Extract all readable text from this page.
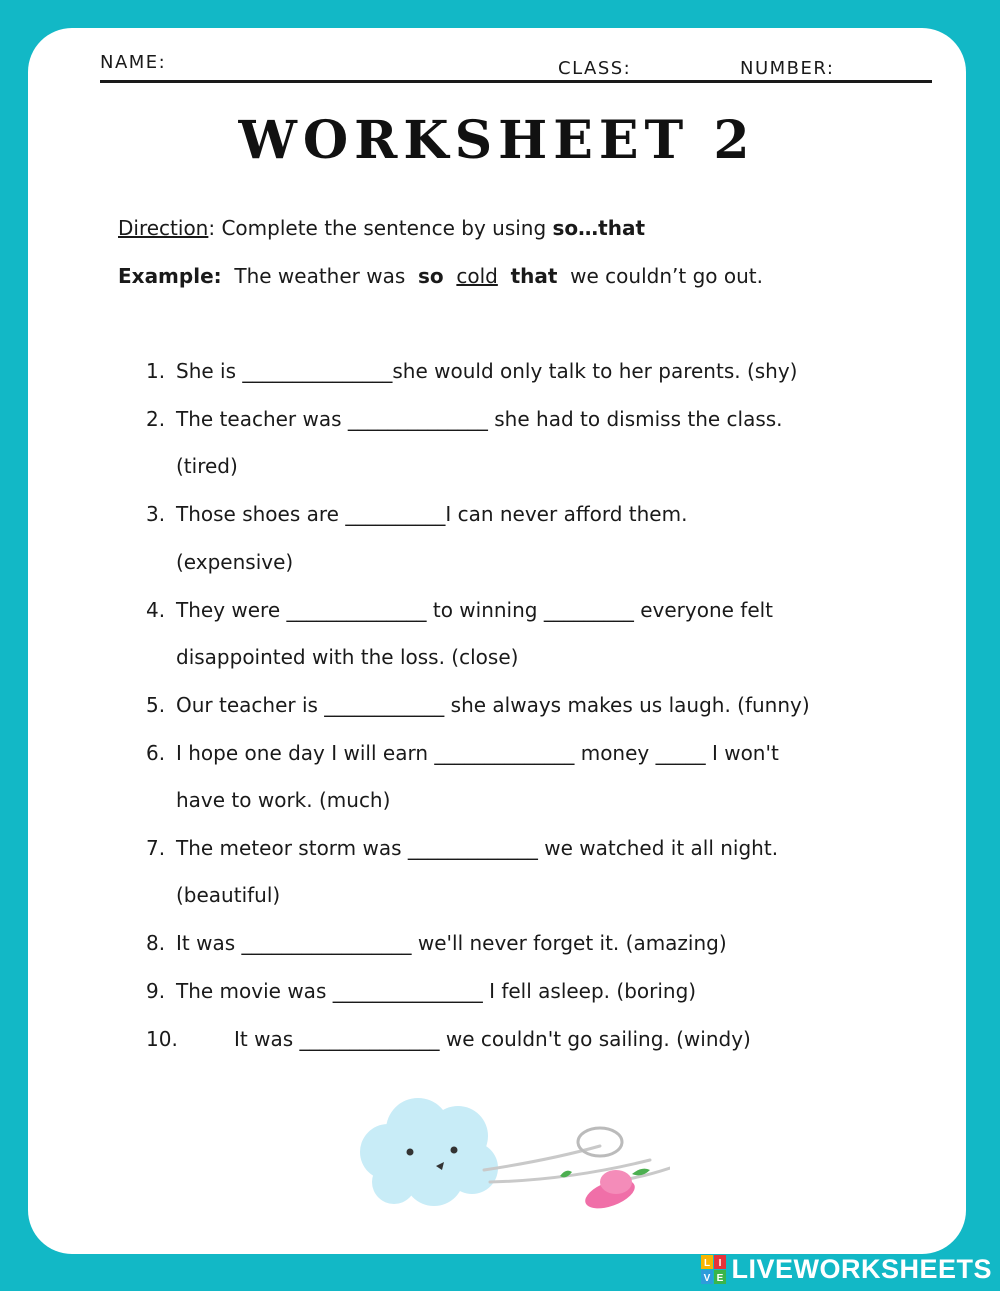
NAME:	CLASS:	NUMBER:
WORKSHEET 2
Direction: Complete the sentence by using so…that
Example: The weather was so cold that we couldn’t go out.
1. She is _______________she would only talk to her parents. (shy)
2. The teacher was ______________ she had to dismiss the class.
(tired)
3. Those shoes are __________I can never afford them.
(expensive)
4. They were ______________ to winning _________ everyone felt
disappointed with the loss. (close)
5. Our teacher is ____________ she always makes us laugh. (funny)
6. I hope one day I will earn ______________ money _____ I won't
have to work. (much)
7. The meteor storm was _____________ we watched it all night.
(beautiful)
8. It was _________________ we'll never forget it. (amazing)
9. The movie was _______________ I fell asleep. (boring)
10.	It was ______________ we couldn't go sailing. (windy)
L I
V E LIVEWORKSHEETS
